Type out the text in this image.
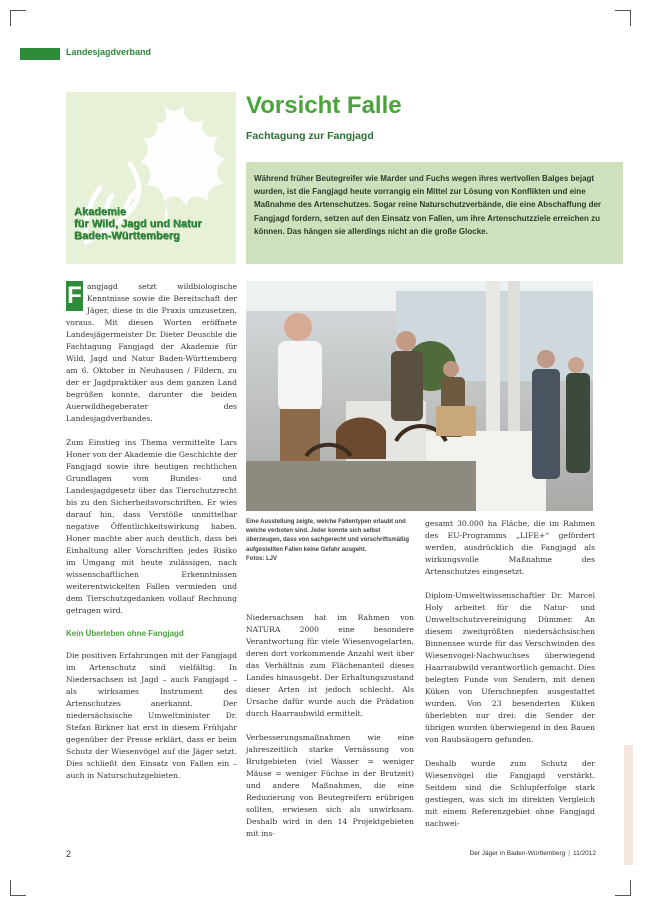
Landesjagdverband
Akademie
für Wild, Jagd und Natur
Baden-Württemberg
Vorsicht Falle
Fachtagung zur Fangjagd

Während früher Beutegreifer wie Marder und Fuchs wegen ihres wertvollen Balges bejagt wurden, ist die Fangjagd heute vorrangig ein Mittel zur Lösung von Konflikten und eine Maßnahme des Artenschutzes. Sogar reine Naturschutzverbände, die eine Abschaffung der Fangjagd fordern, setzen auf den Einsatz von Fallen, um ihre Artenschutzziele erreichen zu können. Das hängen sie allerdings nicht an die große Glocke.

F angjagd setzt wildbiologische Kenntnisse sowie die Bereitschaft der Jäger, diese in die Praxis umzusetzen, voraus. Mit diesen Worten eröffnete Landesjägermeister Dr. Dieter Deuschle die Fachtagung Fangjagd der Akademie für Wild, Jagd und Natur Baden-Württemberg am 6. Oktober in Neuhausen / Fildern, zu der er Jagdpraktiker aus dem ganzen Land begrüßen konnte, darunter die beiden Auerwildhegeberater des Landesjagdverbandes.

Zum Einstieg ins Thema vermittelte Lars Honer von der Akademie die Geschichte der Fangjagd sowie ihre heutigen rechtlichen Grundlagen vom Bundes- und Landesjagdgesetz über das Tierschutzrecht bis zu den Sicherheitsvorschriften. Er wies darauf hin, dass Verstöße unmittelbar negative Öffentlichkeitswirkung haben. Honer machte aber auch deutlich, dass bei Einhaltung aller Vorschriften jedes Risiko im Umgang mit heute zulässigen, nach wissenschaftlichen Erkenntnissen weiterentwickelten Fallen vermieden und dem Tierschutzgedanken vollauf Rechnung getragen wird.

Kein Überleben ohne Fangjagd

Die positiven Erfahrungen mit der Fangjagd im Artenschutz sind vielfältig. In Niedersachsen ist Jagd – auch Fangjagd – als wirksames Instrument des Artenschutzes anerkannt. Der niedersächsische Umweltminister Dr. Stefan Birkner hat erst in diesem Frühjahr gegenüber der Presse erklärt, dass er beim Schutz der Wiesenvögel auf die Jäger setzt. Dies schließt den Einsatz von Fallen ein – auch in Naturschutzgebieten.

Eine Ausstellung zeigte, welche Fallentypen erlaubt und welche verboten sind. Jeder konnte sich selbst überzeugen, dass von sachgerecht und vorschriftsmäßig aufgestellten Fallen keine Gefahr ausgeht.
Fotos: LJV

Niedersachsen hat im Rahmen von NATURA 2000 eine besondere Verantwortung für viele Wiesenvogelarten, deren dort vorkommende Anzahl weit über das Verhältnis zum Flächenanteil dieses Landes hinausgeht. Der Erhaltungszustand dieser Arten ist jedoch schlecht. Als Ursache dafür wurde auch die Prädation durch Haarraubwild ermittelt.

Verbesserungsmaßnahmen wie eine jahreszeitlich starke Vernässung von Brutgebieten (viel Wasser = weniger Mäuse = weniger Füchse in der Brutzeit) und andere Maßnahmen, die eine Reduzierung von Beutegreifern erübrigen sollten, erwiesen sich als unwirksam. Deshalb wird in den 14 Projektgebieten mit ins-

gesamt 30.000 ha Fläche, die im Rahmen des EU-Programms „LIFE+“ gefördert werden, ausdrücklich die Fangjagd als wirkungsvolle Maßnahme des Artenschutzes eingesetzt.

Diplom-Umweltwissenschaftler Dr. Marcel Holy arbeitet für die Natur- und Umweltschutzvereinigung Dümmer. An diesem zweitgrößten niedersächsischen Binnensee wurde für das Verschwinden des Wiesenvogel-Nachwuchses überwiegend Haarraubwild verantwortlich gemacht. Dies belegten Funde von Sendern, mit denen Küken von Uferschnepfen ausgestattet wurden. Von 23 besenderten Küken überlebten nur drei: die Sender der übrigen wurden überwiegend in den Bauen von Raubsäugern gefunden.

Deshalb wurde zum Schutz der Wiesenvögel die Fangjagd verstärkt. Seitdem sind die Schlupferfolge stark gestiegen, was sich im direkten Vergleich mit einem Referenzgebiet ohne Fangjagd nachwei-

2	Der Jäger in Baden-Württemberg | 11/2012
